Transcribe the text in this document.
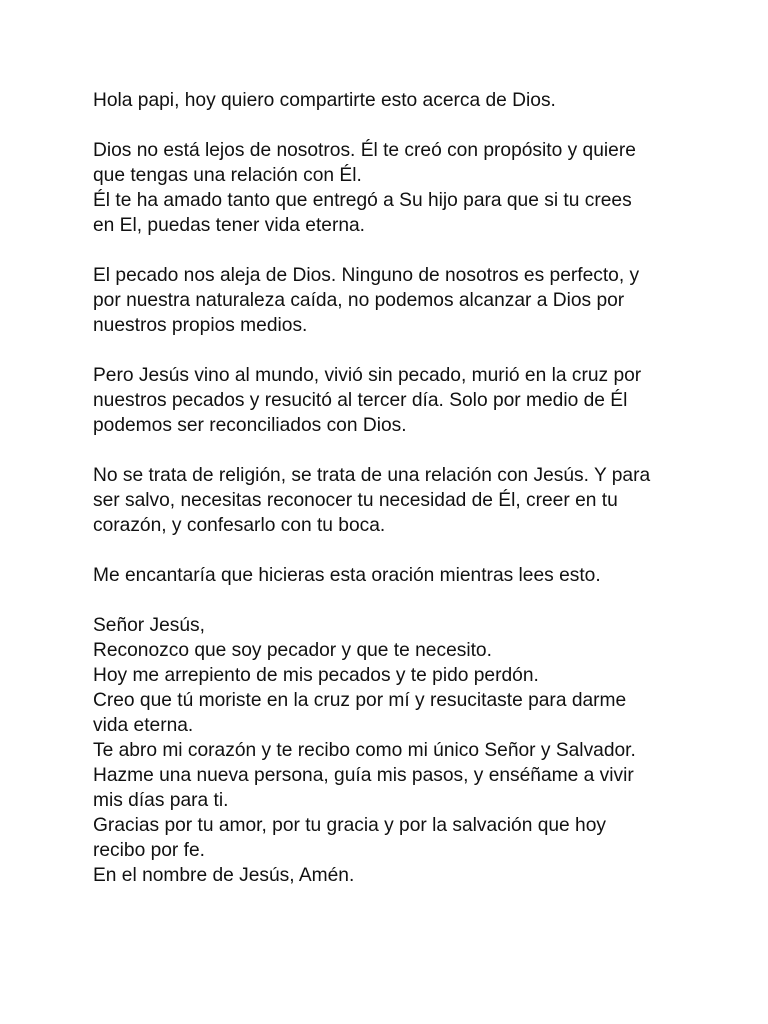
Hola papi, hoy quiero compartirte esto acerca de Dios.

Dios no está lejos de nosotros. Él te creó con propósito y quiere
que tengas una relación con Él.
Él te ha amado tanto que entregó a Su hijo para que si tu crees
en El, puedas tener vida eterna.

El pecado nos aleja de Dios. Ninguno de nosotros es perfecto, y
por nuestra naturaleza caída, no podemos alcanzar a Dios por
nuestros propios medios.

Pero Jesús vino al mundo, vivió sin pecado, murió en la cruz por
nuestros pecados y resucitó al tercer día. Solo por medio de Él
podemos ser reconciliados con Dios.

No se trata de religión, se trata de una relación con Jesús. Y para
ser salvo, necesitas reconocer tu necesidad de Él, creer en tu
corazón, y confesarlo con tu boca.

Me encantaría que hicieras esta oración mientras lees esto.

Señor Jesús,
Reconozco que soy pecador y que te necesito.
Hoy me arrepiento de mis pecados y te pido perdón.
Creo que tú moriste en la cruz por mí y resucitaste para darme
vida eterna.
Te abro mi corazón y te recibo como mi único Señor y Salvador.
Hazme una nueva persona, guía mis pasos, y enséñame a vivir
mis días para ti.
Gracias por tu amor, por tu gracia y por la salvación que hoy
recibo por fe.
En el nombre de Jesús, Amén.
